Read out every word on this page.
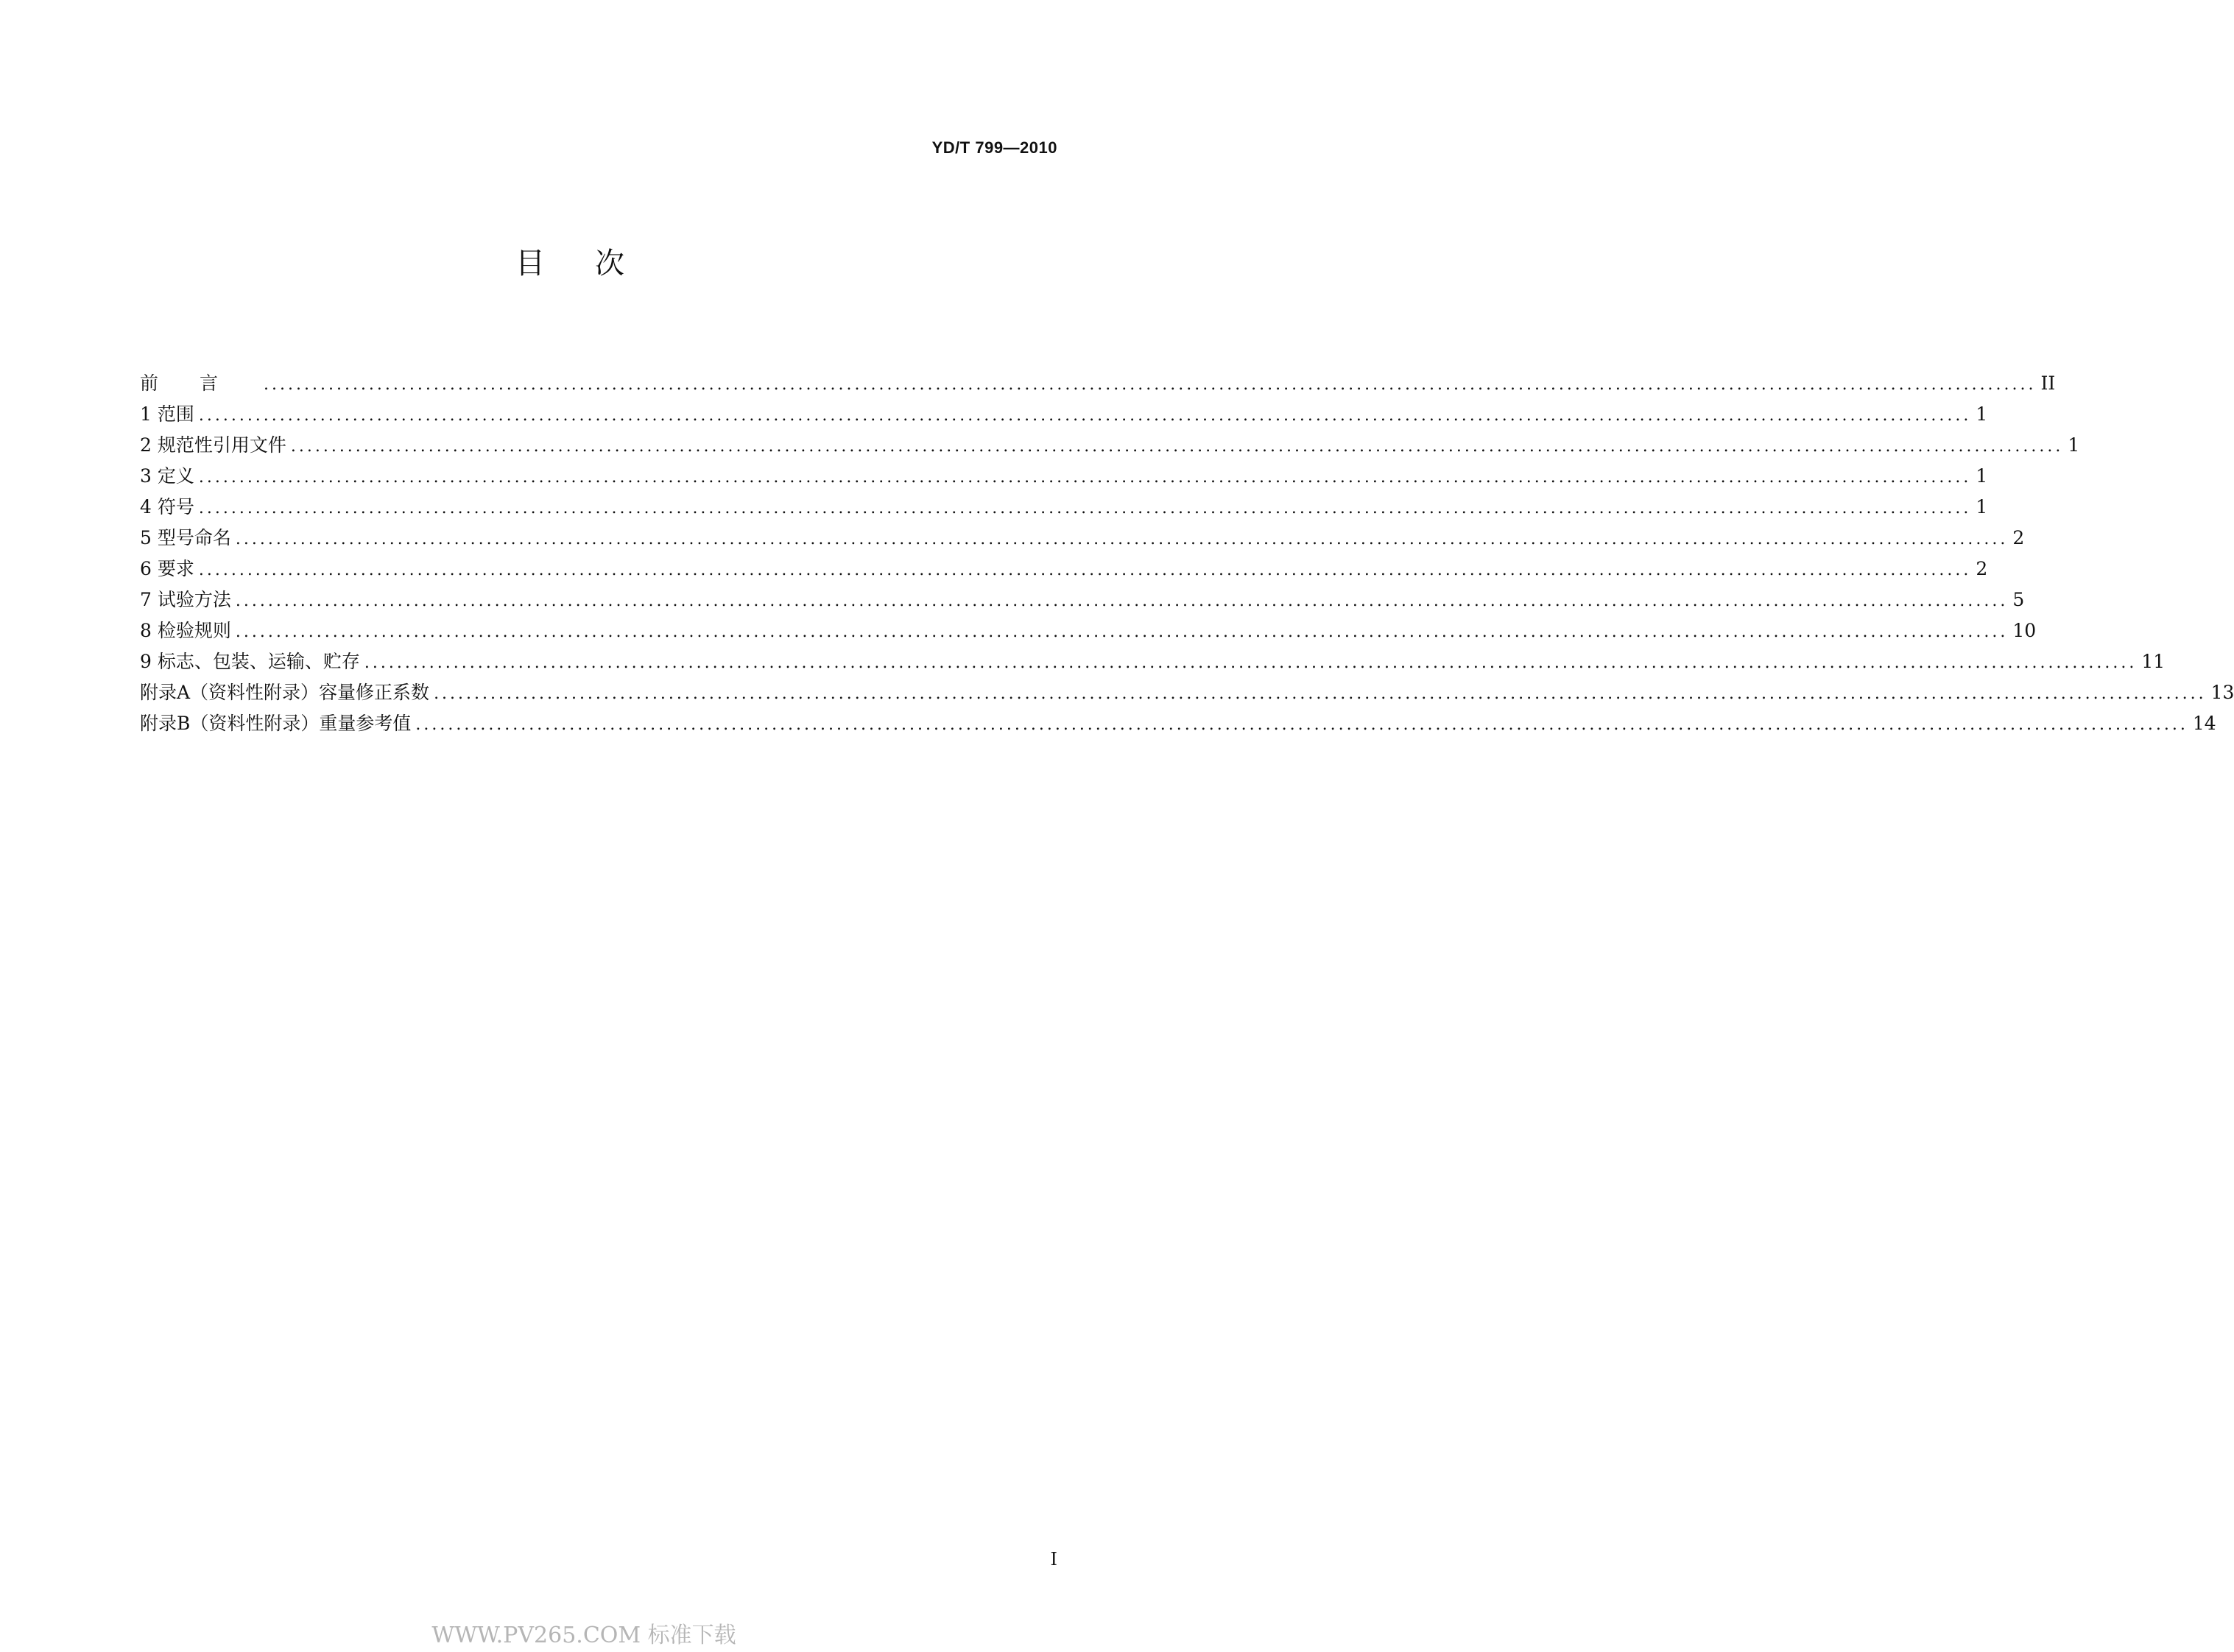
YD/T 799—2010
目次
前言 ........................................................................................................................................................................................................................... II
1 范围 ........................................................................................................................................................................................................................... 1
2 规范性引用文件 ........................................................................................................................................................................................................................... 1
3 定义 ........................................................................................................................................................................................................................... 1
4 符号 ........................................................................................................................................................................................................................... 1
5 型号命名 ........................................................................................................................................................................................................................... 2
6 要求 ........................................................................................................................................................................................................................... 2
7 试验方法 ........................................................................................................................................................................................................................... 5
8 检验规则 ........................................................................................................................................................................................................................... 10
9 标志、包装、运输、贮存 ........................................................................................................................................................................................................................... 11
附录A（资料性附录）容量修正系数 ........................................................................................................................................................................................................................... 13
附录B（资料性附录）重量参考值 ........................................................................................................................................................................................................................... 14
I
WWW.PV265.COM 标准下载
